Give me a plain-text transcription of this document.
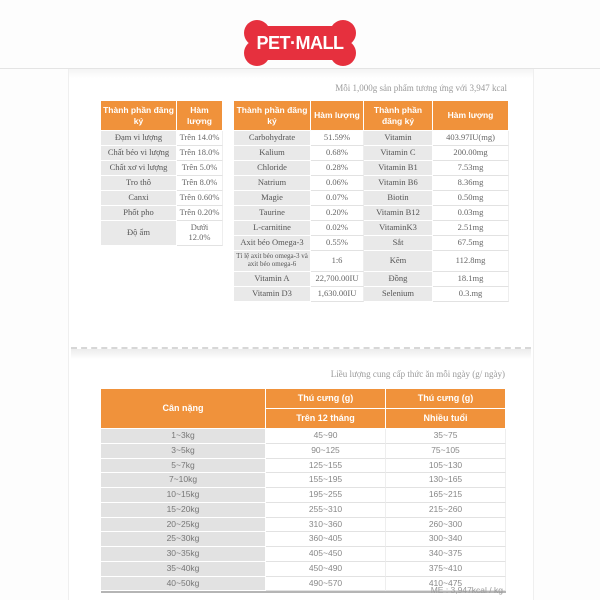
PET·MALL
Mỗi 1,000g sản phẩm tương ứng với 3,947 kcal
Thành phần đăng ký	Hàm lượng
Đạm vi lượng	Trên 14.0%
Chất béo vi lượng	Trên 18.0%
Chất xơ vi lượng	Trên 5.0%
Tro thô	Trên 8.0%
Canxi	Trên 0.60%
Phốt pho	Trên 0.20%
Độ ẩm	Dưới 12.0%
Thành phần đăng ký	Hàm lượng	Thành phần đăng ký	Hàm lượng
Carbohydrate	51.59%	Vitamin	403.97IU(mg)
Kalium	0.68%	Vitamin C	200.00mg
Chloride	0.28%	Vitamin B1	7.53mg
Natrium	0.06%	Vitamin B6	8.36mg
Magie	0.07%	Biotin	0.50mg
Taurine	0.20%	Vitamin B12	0.03mg
L-carnitine	0.02%	VitaminK3	2.51mg
Axit béo Omega-3	0.55%	Sắt	67.5mg
Tỉ lệ axit béo omega-3 và axit béo omega-6	1:6	Kẽm	112.8mg
Vitamin A	22,700.00IU	Đồng	18.1mg
Vitamin D3	1,630.00IU	Selenium	0.3.mg
Liều lượng cung cấp thức ăn mỗi ngày (g/ ngày)
Cân nặng	Thú cưng (g)	Thú cưng (g)
	Trên 12 tháng	Nhiều tuổi
1~3kg	45~90	35~75
3~5kg	90~125	75~105
5~7kg	125~155	105~130
7~10kg	155~195	130~165
10~15kg	195~255	165~215
15~20kg	255~310	215~260
20~25kg	310~360	260~300
25~30kg	360~405	300~340
30~35kg	405~450	340~375
35~40kg	450~490	375~410
40~50kg	490~570	410~475
ME : 3,947kcal / kg
